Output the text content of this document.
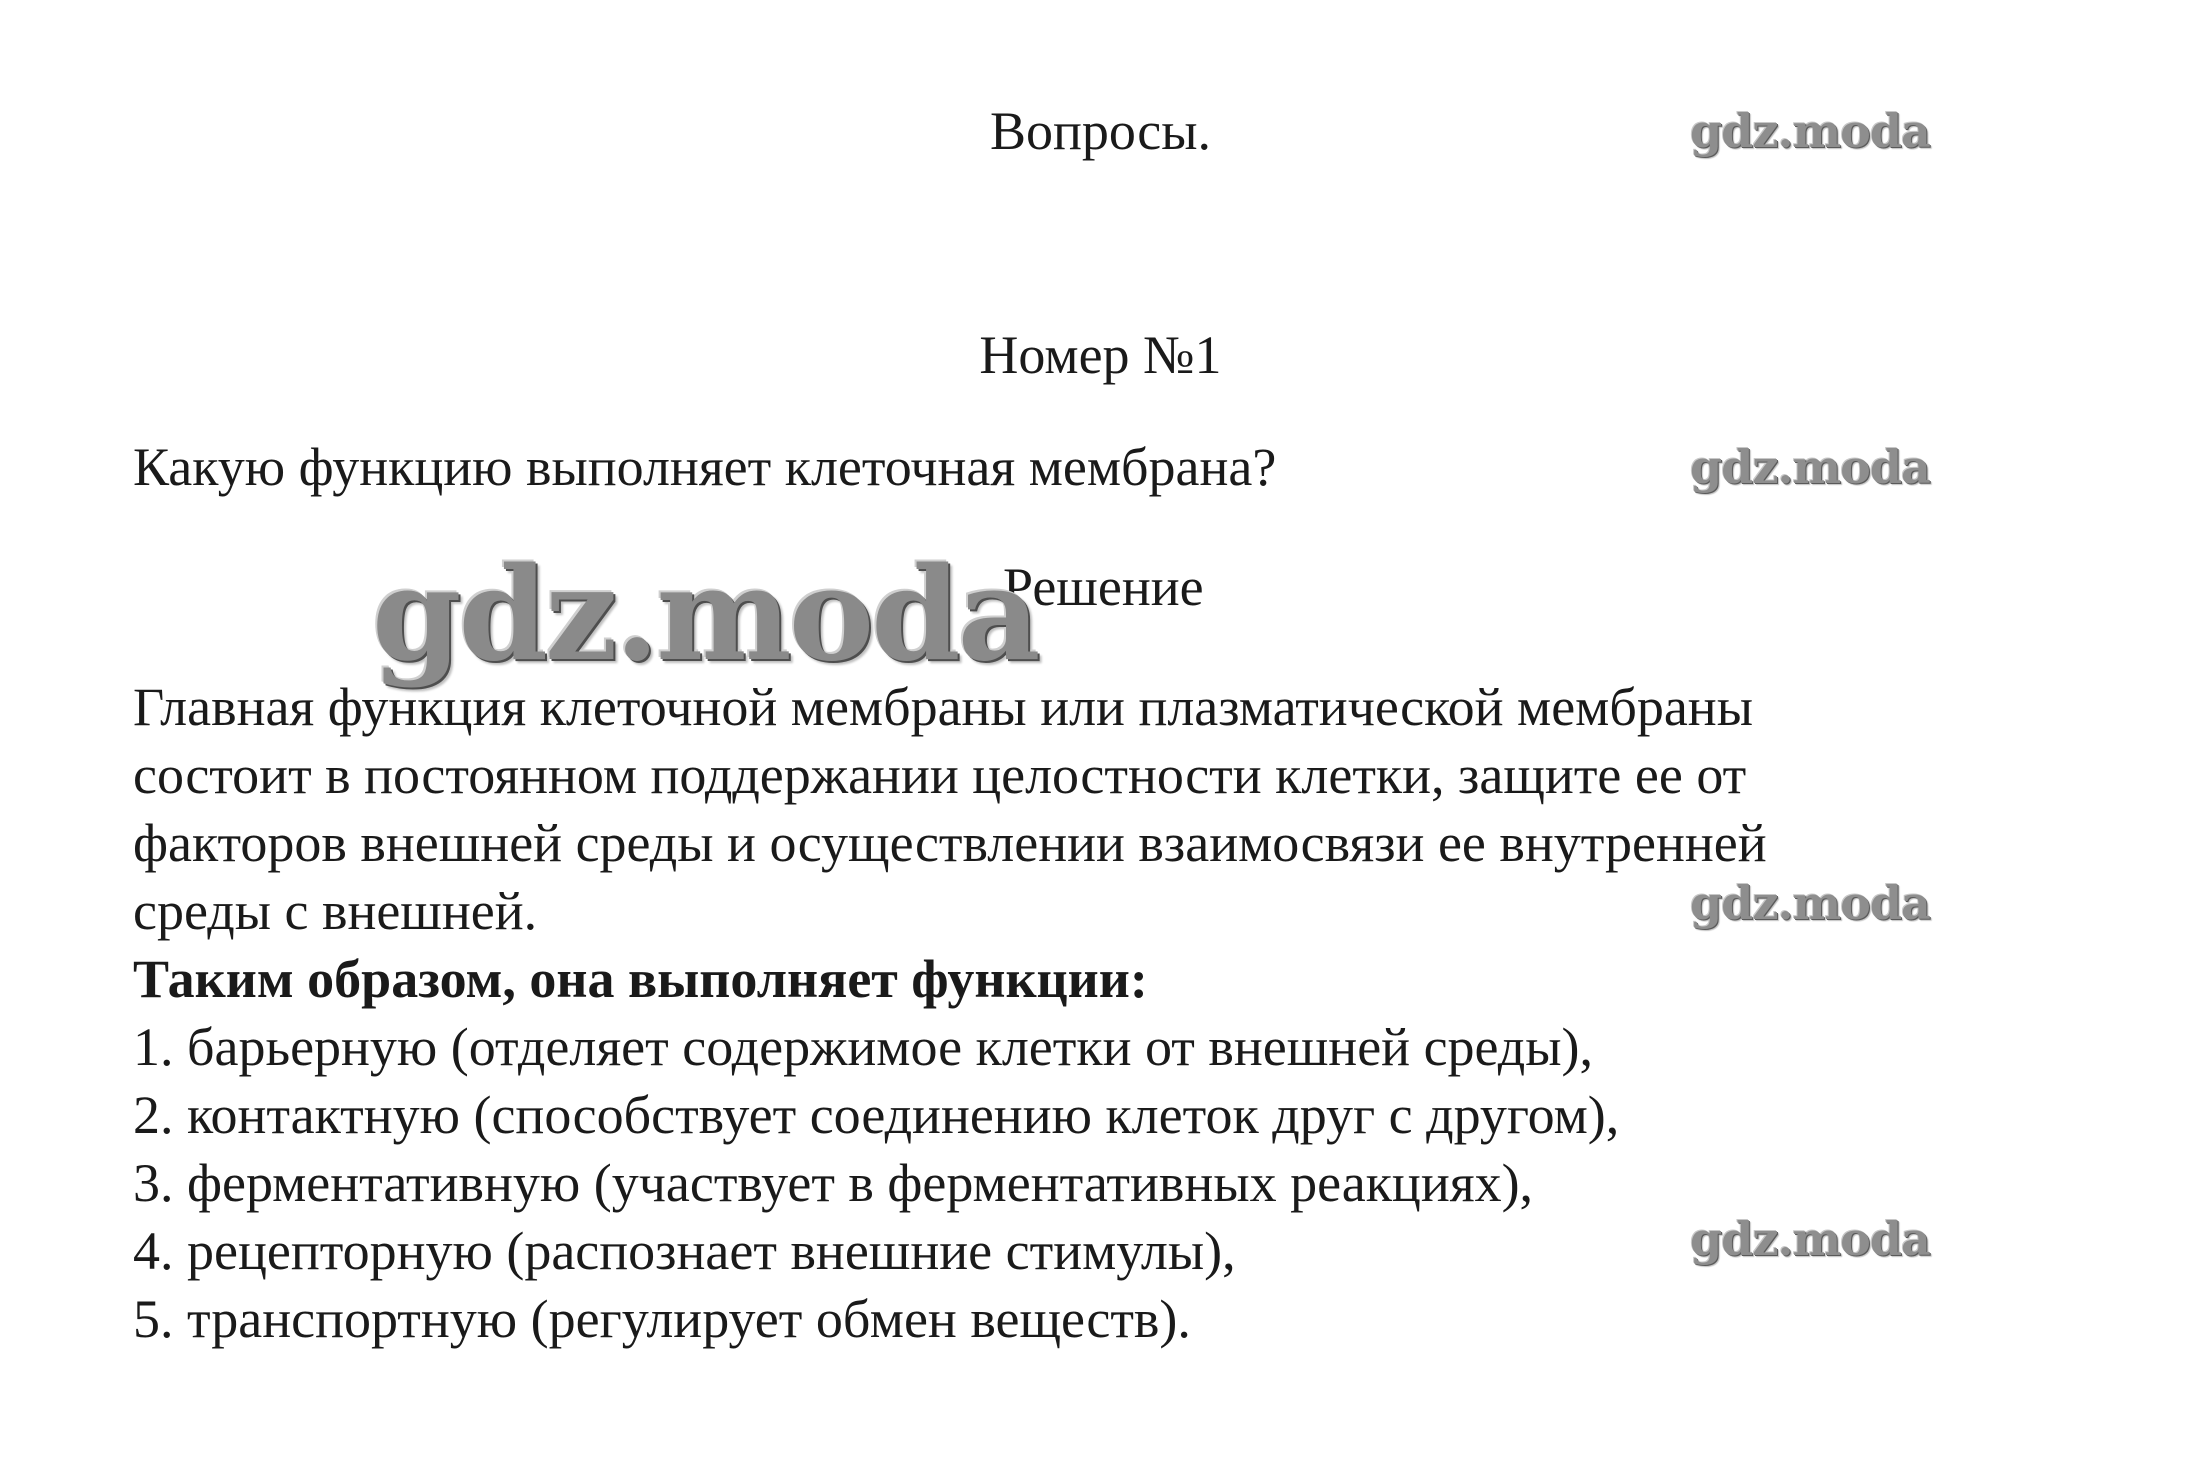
Вопросы.
Номер №1
Какую функцию выполняет клеточная мембрана?
Решение
Главная функция клеточной мембраны или плазматической мембраны
состоит в постоянном поддержании целостности клетки, защите ее от
факторов внешней среды и осуществлении взаимосвязи ее внутренней
среды с внешней.
Таким образом, она выполняет функции:
1. барьерную (отделяет содержимое клетки от внешней среды),
2. контактную (способствует соединению клеток друг с другом),
3. ферментативную (участвует в ферментативных реакциях),
4. рецепторную (распознает внешние стимулы),
5. транспортную (регулирует обмен веществ).
gdz.moda
gdz.moda
gdz.moda
gdz.moda
gdz.moda
